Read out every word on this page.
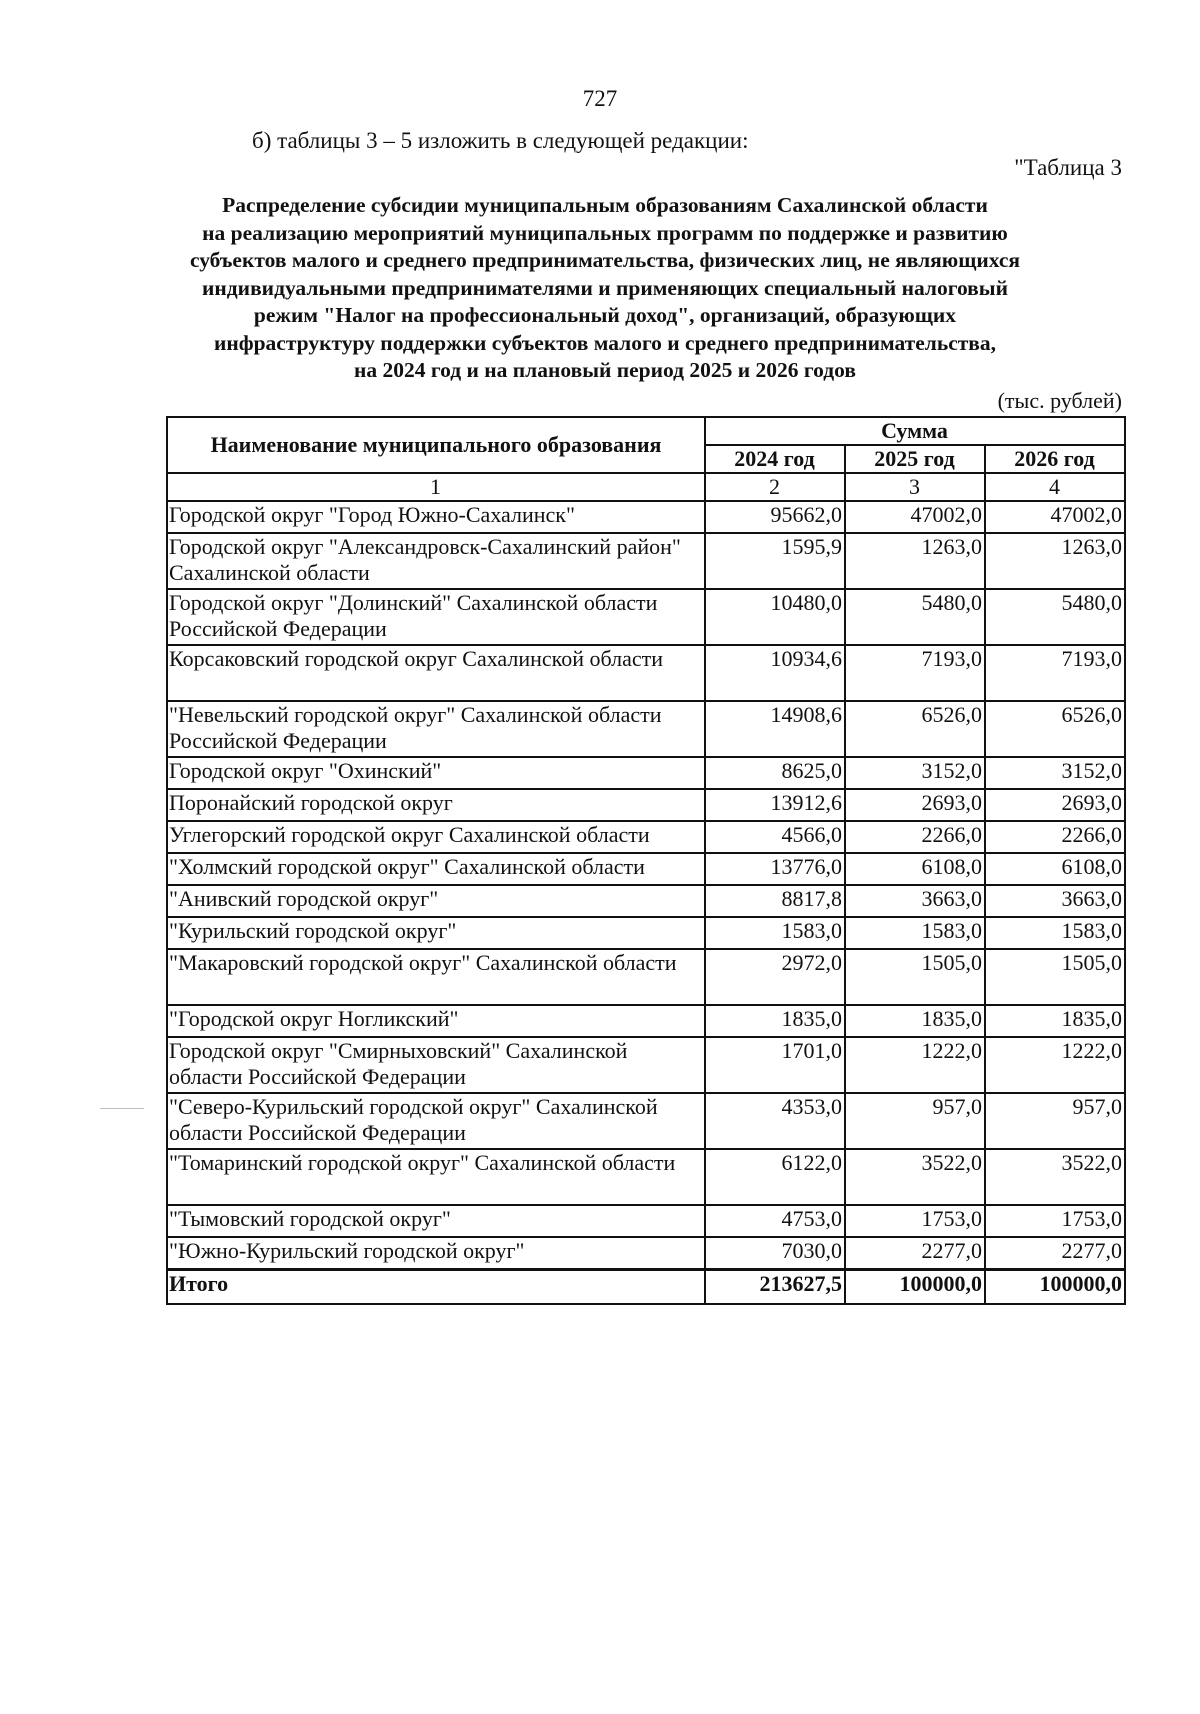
727
б) таблицы 3 – 5 изложить в следующей редакции:
"Таблица 3
Распределение субсидии муниципальным образованиям Сахалинской области
на реализацию мероприятий муниципальных программ по поддержке и развитию
субъектов малого и среднего предпринимательства, физических лиц, не являющихся
индивидуальными предпринимателями и применяющих специальный налоговый
режим "Налог на профессиональный доход", организаций, образующих
инфраструктуру поддержки субъектов малого и среднего предпринимательства,
на 2024 год и на плановый период 2025 и 2026 годов
(тыс. рублей)
Наименование муниципального образования	Сумма		
	2024 год	2025 год	2026 год
1	2	3	4
Городской округ "Город Южно-Сахалинск"	95662,0	47002,0	47002,0
Городской округ "Александровск-Сахалинский район" Сахалинской области	1595,9	1263,0	1263,0
Городской округ "Долинский" Сахалинской области Российской Федерации	10480,0	5480,0	5480,0
Корсаковский городской округ Сахалинской области	10934,6	7193,0	7193,0
"Невельский городской округ" Сахалинской области Российской Федерации	14908,6	6526,0	6526,0
Городской округ "Охинский"	8625,0	3152,0	3152,0
Поронайский городской округ	13912,6	2693,0	2693,0
Углегорский городской округ Сахалинской области	4566,0	2266,0	2266,0
"Холмский городской округ" Сахалинской области	13776,0	6108,0	6108,0
"Анивский городской округ"	8817,8	3663,0	3663,0
"Курильский городской округ"	1583,0	1583,0	1583,0
"Макаровский городской округ" Сахалинской области	2972,0	1505,0	1505,0
"Городской округ Ногликский"	1835,0	1835,0	1835,0
Городской округ "Смирныховский" Сахалинской области Российской Федерации	1701,0	1222,0	1222,0
"Северо-Курильский городской округ" Сахалинской области Российской Федерации	4353,0	957,0	957,0
"Томаринский городской округ" Сахалинской области	6122,0	3522,0	3522,0
"Тымовский городской округ"	4753,0	1753,0	1753,0
"Южно-Курильский городской округ"	7030,0	2277,0	2277,0
Итого	213627,5	100000,0	100000,0
